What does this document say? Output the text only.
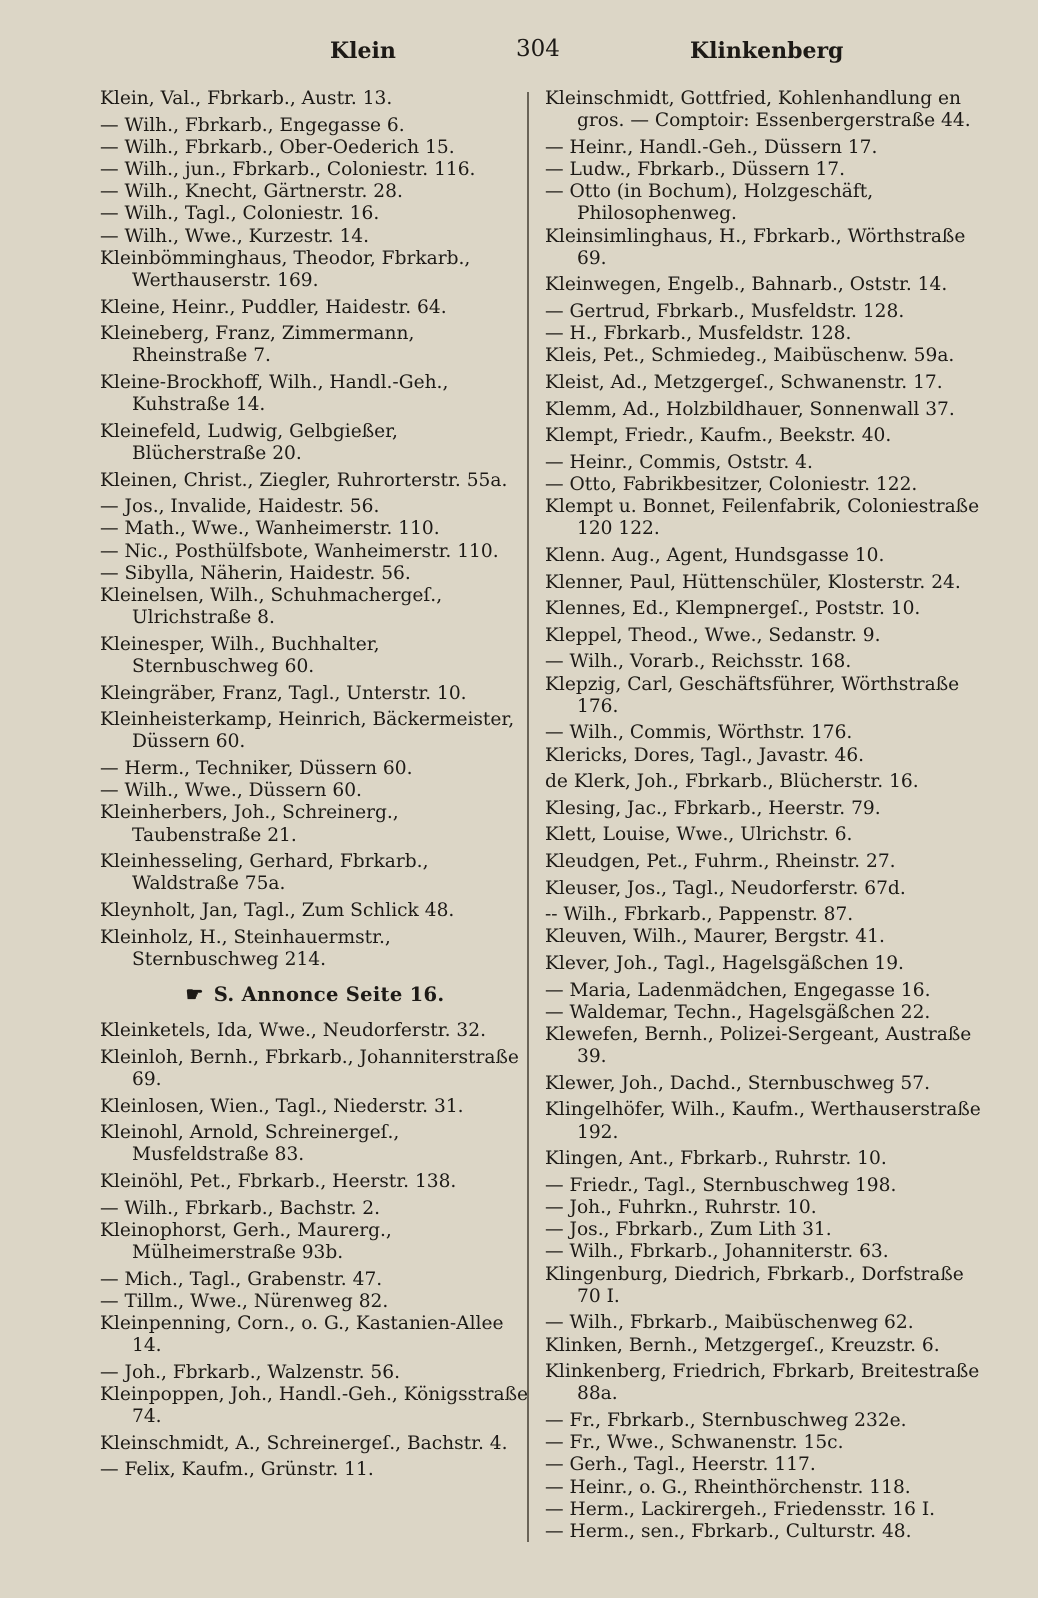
Klein	304	Klinkenberg
Klein, Val., Fbrkarb., Austr. 13.
— Wilh., Fbrkarb., Engegasse 6.
— Wilh., Fbrkarb., Ober-Oederich 15.
— Wilh., jun., Fbrkarb., Coloniestr. 116.
— Wilh., Knecht, Gärtnerstr. 28.
— Wilh., Tagl., Coloniestr. 16.
— Wilh., Wwe., Kurzestr. 14.
Kleinbömminghaus, Theodor, Fbrkarb., Werthauserstr. 169.
Kleine, Heinr., Puddler, Haidestr. 64.
Kleineberg, Franz, Zimmermann, Rheinstraße 7.
Kleine-Brockhoff, Wilh., Handl.-Geh., Kuhstraße 14.
Kleinefeld, Ludwig, Gelbgießer, Blücherstraße 20.
Kleinen, Christ., Ziegler, Ruhrorterstr. 55a.
— Jos., Invalide, Haidestr. 56.
— Math., Wwe., Wanheimerstr. 110.
— Nic., Posthülfsbote, Wanheimerstr. 110.
— Sibylla, Näherin, Haidestr. 56.
Kleinelsen, Wilh., Schuhmachergeſ., Ulrichstraße 8.
Kleinesper, Wilh., Buchhalter, Sternbuschweg 60.
Kleingräber, Franz, Tagl., Unterstr. 10.
Kleinheisterkamp, Heinrich, Bäckermeister, Düssern 60.
— Herm., Techniker, Düssern 60.
— Wilh., Wwe., Düssern 60.
Kleinherbers, Joh., Schreinerg., Taubenstraße 21.
Kleinhesseling, Gerhard, Fbrkarb., Waldstraße 75a.
Kleynholt, Jan, Tagl., Zum Schlick 48.
Kleinholz, H., Steinhauermstr., Sternbuschweg 214.
☛ S. Annonce Seite 16.
Kleinketels, Ida, Wwe., Neudorferstr. 32.
Kleinloh, Bernh., Fbrkarb., Johanniterstraße 69.
Kleinlosen, Wien., Tagl., Niederstr. 31.
Kleinohl, Arnold, Schreinergeſ., Musfeldstraße 83.
Kleinöhl, Pet., Fbrkarb., Heerstr. 138.
— Wilh., Fbrkarb., Bachstr. 2.
Kleinophorst, Gerh., Maurerg., Mülheimerstraße 93b.
— Mich., Tagl., Grabenstr. 47.
— Tillm., Wwe., Nürenweg 82.
Kleinpenning, Corn., o. G., Kastanien-Allee 14.
— Joh., Fbrkarb., Walzenstr. 56.
Kleinpoppen, Joh., Handl.-Geh., Königsstraße 74.
Kleinschmidt, A., Schreinergeſ., Bachstr. 4.
— Felix, Kaufm., Grünstr. 11.
Kleinschmidt, Gottfried, Kohlenhandlung en gros. — Comptoir: Essenbergerstraße 44.
— Heinr., Handl.-Geh., Düssern 17.
— Ludw., Fbrkarb., Düssern 17.
— Otto (in Bochum), Holzgeschäft, Philosophenweg.
Kleinsimlinghaus, H., Fbrkarb., Wörthstraße 69.
Kleinwegen, Engelb., Bahnarb., Oststr. 14.
— Gertrud, Fbrkarb., Musfeldstr. 128.
— H., Fbrkarb., Musfeldstr. 128.
Kleis, Pet., Schmiedeg., Maibüschenw. 59a.
Kleist, Ad., Metzgergeſ., Schwanenstr. 17.
Klemm, Ad., Holzbildhauer, Sonnenwall 37.
Klempt, Friedr., Kaufm., Beekstr. 40.
— Heinr., Commis, Oststr. 4.
— Otto, Fabrikbesitzer, Coloniestr. 122.
Klempt u. Bonnet, Feilenfabrik, Coloniestraße 120 122.
Klenn. Aug., Agent, Hundsgasse 10.
Klenner, Paul, Hüttenschüler, Klosterstr. 24.
Klennes, Ed., Klempnergeſ., Poststr. 10.
Kleppel, Theod., Wwe., Sedanstr. 9.
— Wilh., Vorarb., Reichsstr. 168.
Klepzig, Carl, Geschäftsführer, Wörthstraße 176.
— Wilh., Commis, Wörthstr. 176.
Klericks, Dores, Tagl., Javastr. 46.
de Klerk, Joh., Fbrkarb., Blücherstr. 16.
Klesing, Jac., Fbrkarb., Heerstr. 79.
Klett, Louise, Wwe., Ulrichstr. 6.
Kleudgen, Pet., Fuhrm., Rheinstr. 27.
Kleuser, Jos., Tagl., Neudorferstr. 67d.
-- Wilh., Fbrkarb., Pappenstr. 87.
Kleuven, Wilh., Maurer, Bergstr. 41.
Klever, Joh., Tagl., Hagelsgäßchen 19.
— Maria, Ladenmädchen, Engegasse 16.
— Waldemar, Techn., Hagelsgäßchen 22.
Klewefen, Bernh., Polizei-Sergeant, Austraße 39.
Klewer, Joh., Dachd., Sternbuschweg 57.
Klingelhöfer, Wilh., Kaufm., Werthauserstraße 192.
Klingen, Ant., Fbrkarb., Ruhrstr. 10.
— Friedr., Tagl., Sternbuschweg 198.
— Joh., Fuhrkn., Ruhrstr. 10.
— Jos., Fbrkarb., Zum Lith 31.
— Wilh., Fbrkarb., Johanniterstr. 63.
Klingenburg, Diedrich, Fbrkarb., Dorfstraße 70 I.
— Wilh., Fbrkarb., Maibüschenweg 62.
Klinken, Bernh., Metzgergeſ., Kreuzstr. 6.
Klinkenberg, Friedrich, Fbrkarb, Breitestraße 88a.
— Fr., Fbrkarb., Sternbuschweg 232e.
— Fr., Wwe., Schwanenstr. 15c.
— Gerh., Tagl., Heerstr. 117.
— Heinr., o. G., Rheinthörchenstr. 118.
— Herm., Lackirergeh., Friedensstr. 16 I.
— Herm., sen., Fbrkarb., Culturstr. 48.
